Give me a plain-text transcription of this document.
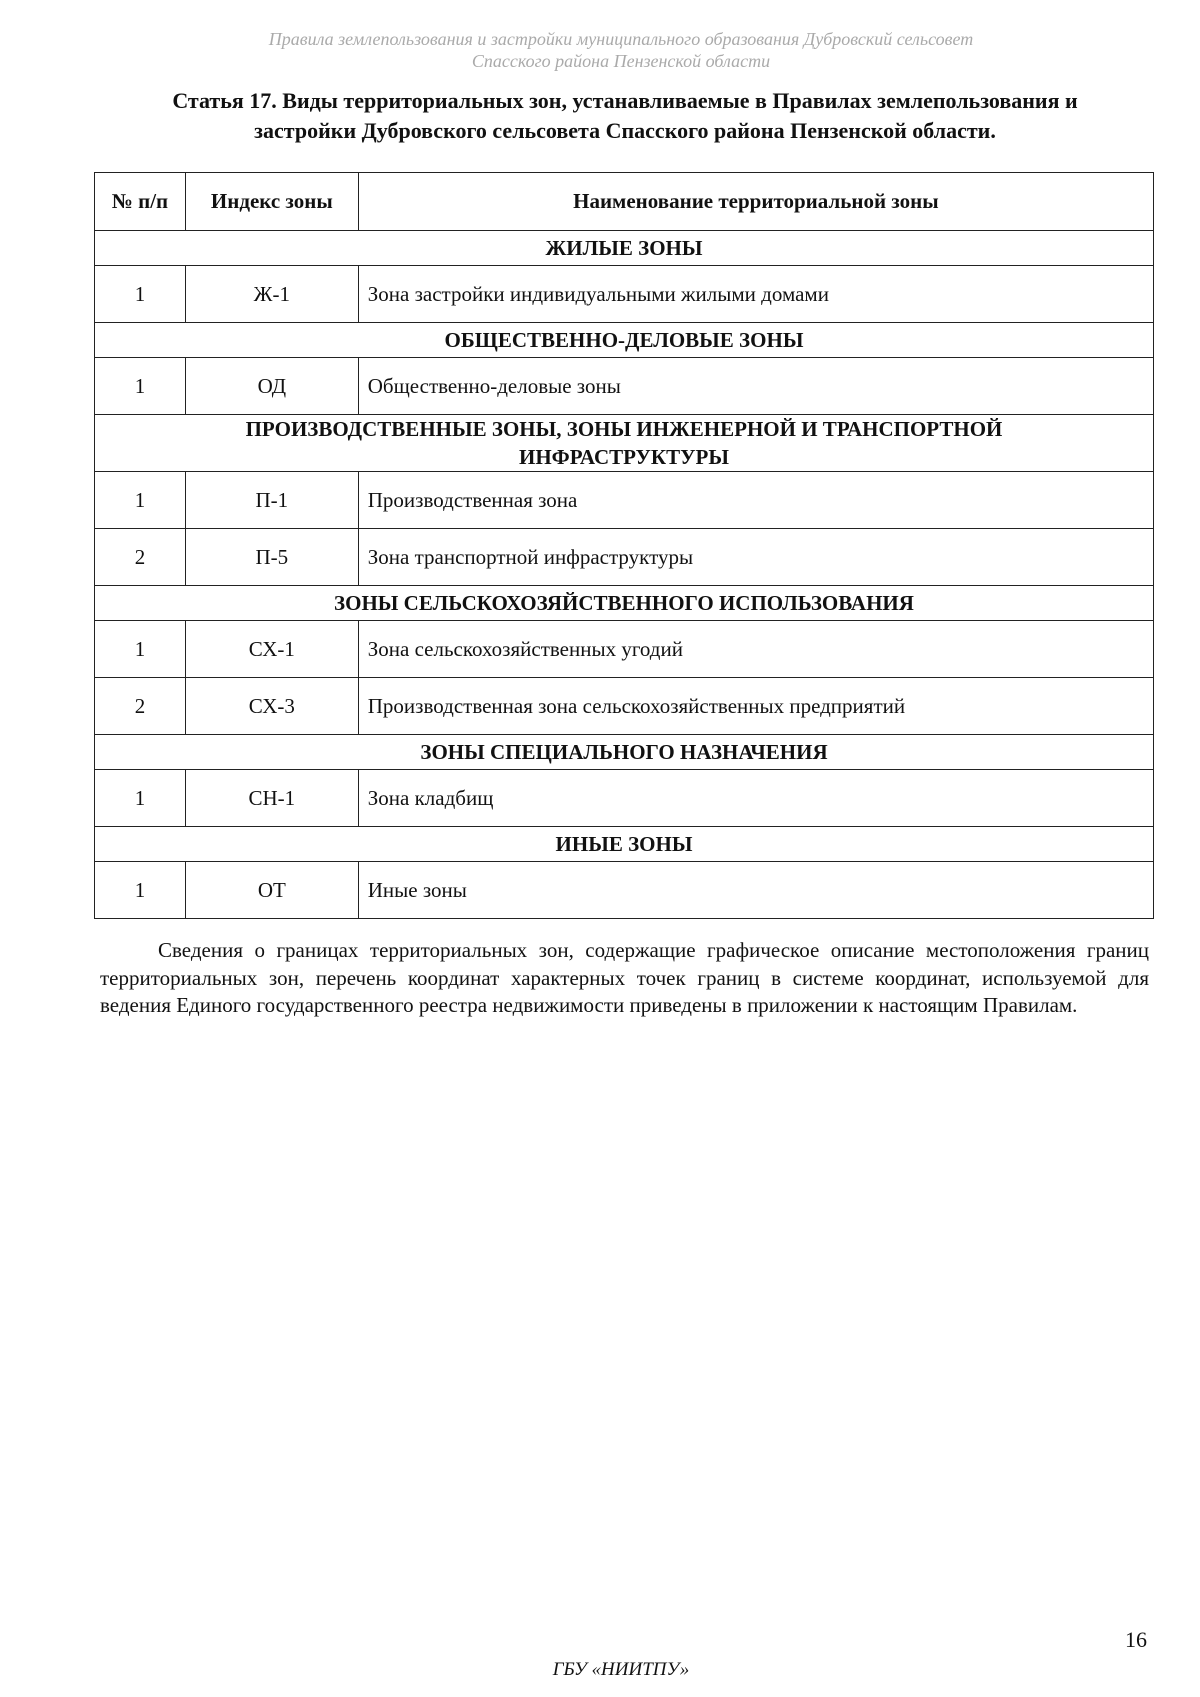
Правила землепользования и застройки муниципального образования Дубровский сельсовет
Спасского района Пензенской области
Статья 17. Виды территориальных зон, устанавливаемые в Правилах землепользования и
застройки Дубровского сельсовета Спасского района Пензенской области.
№ п/п	Индекс зоны	Наименование территориальной зоны
ЖИЛЫЕ ЗОНЫ		
1	Ж-1	Зона застройки индивидуальными жилыми домами
ОБЩЕСТВЕННО-ДЕЛОВЫЕ ЗОНЫ		
1	ОД	Общественно-деловые зоны

ПРОИЗВОДСТВЕННЫЕ ЗОНЫ, ЗОНЫ ИНЖЕНЕРНОЙ И ТРАНСПОРТНОЙ
ИНФРАСТРУКТУРЫ		

1	П-1	Производственная зона
2	П-5	Зона транспортной инфраструктуры
ЗОНЫ СЕЛЬСКОХОЗЯЙСТВЕННОГО ИСПОЛЬЗОВАНИЯ		
1	СХ-1	Зона сельскохозяйственных угодий
2	СХ-3	Производственная зона сельскохозяйственных предприятий
ЗОНЫ СПЕЦИАЛЬНОГО НАЗНАЧЕНИЯ		
1	СН-1	Зона кладбищ
ИНЫЕ ЗОНЫ		
1	ОТ	Иные зоны
Сведения о границах территориальных зон, содержащие графическое описание местоположения границ территориальных зон, перечень координат характерных точек границ в системе координат, используемой для ведения Единого государственного реестра недвижимости приведены в приложении к настоящим Правилам.
16
ГБУ «НИИТПУ»
